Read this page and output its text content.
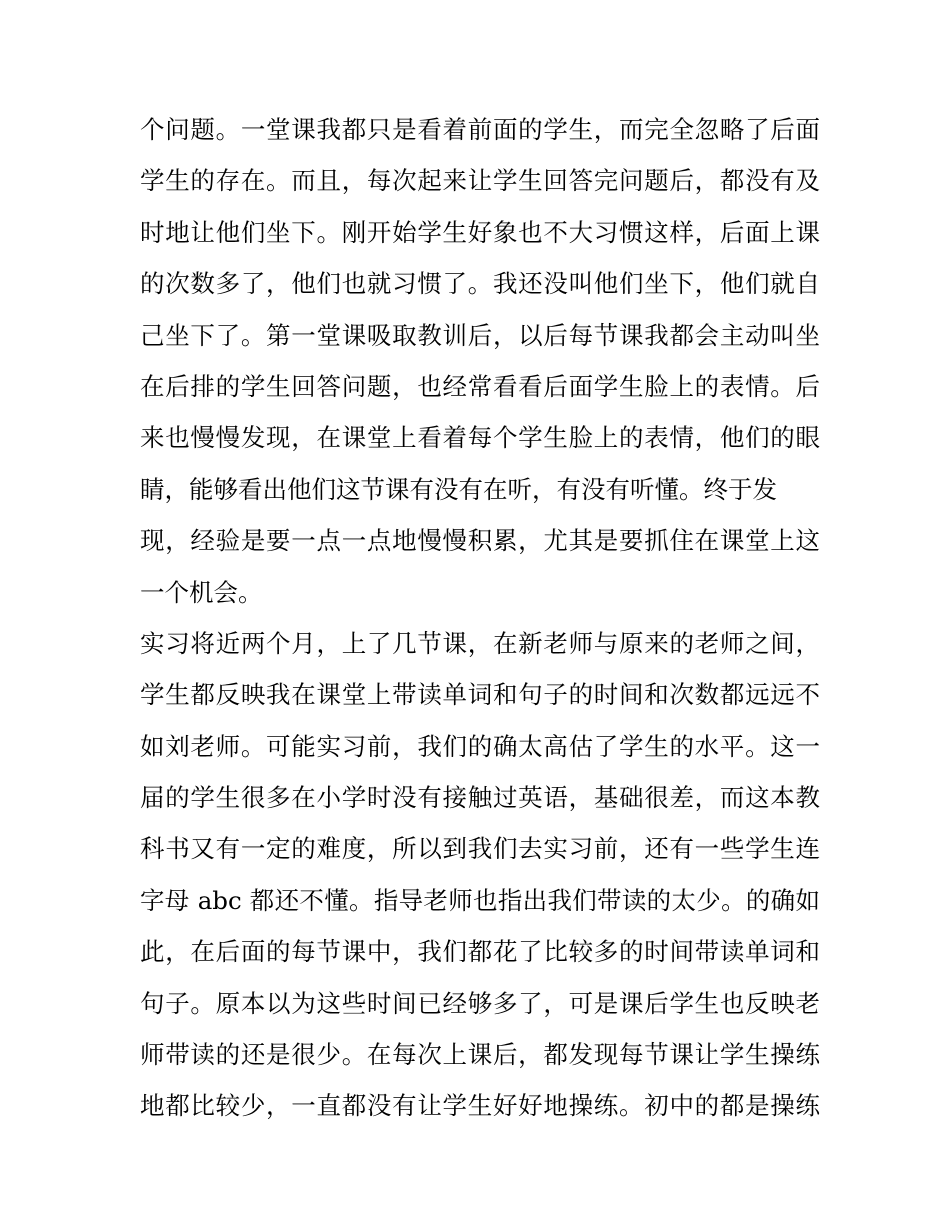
个问题。一堂课我都只是看着前面的学生，而完全忽略了后面
学生的存在。而且，每次起来让学生回答完问题后，都没有及
时地让他们坐下。刚开始学生好象也不大习惯这样，后面上课
的次数多了，他们也就习惯了。我还没叫他们坐下，他们就自
己坐下了。第一堂课吸取教训后，以后每节课我都会主动叫坐
在后排的学生回答问题，也经常看看后面学生脸上的表情。后
来也慢慢发现，在课堂上看着每个学生脸上的表情，他们的眼
睛，能够看出他们这节课有没有在听，有没有听懂。终于发
现，经验是要一点一点地慢慢积累，尤其是要抓住在课堂上这
一个机会。
实习将近两个月，上了几节课，在新老师与原来的老师之间，
学生都反映我在课堂上带读单词和句子的时间和次数都远远不
如刘老师。可能实习前，我们的确太高估了学生的水平。这一
届的学生很多在小学时没有接触过英语，基础很差，而这本教
科书又有一定的难度，所以到我们去实习前，还有一些学生连
字母 abc 都还不懂。指导老师也指出我们带读的太少。的确如
此，在后面的每节课中，我们都花了比较多的时间带读单词和
句子。原本以为这些时间已经够多了，可是课后学生也反映老
师带读的还是很少。在每次上课后，都发现每节课让学生操练
地都比较少，一直都没有让学生好好地操练。初中的都是操练
